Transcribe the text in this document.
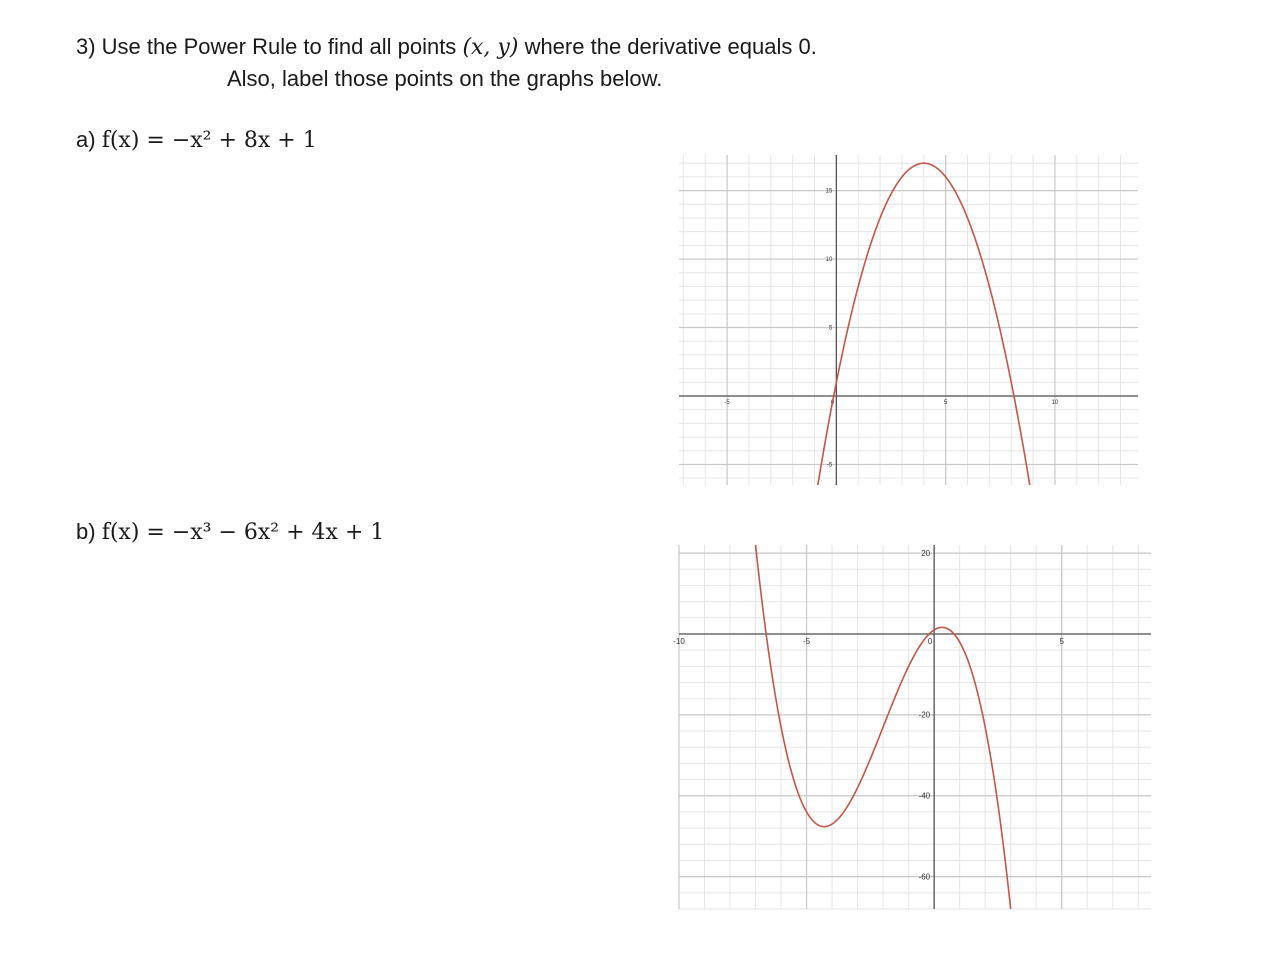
3) Use the Power Rule to find all points (x, y) where the derivative equals 0.
Also, label those points on the graphs below.
a) f(x) = −x² + 8x + 1
b) f(x) = −x³ − 6x² + 4x + 1
-5	0	5	10
-5
5
10
15
-10	-5	0	5
20
-20
-40
-60
